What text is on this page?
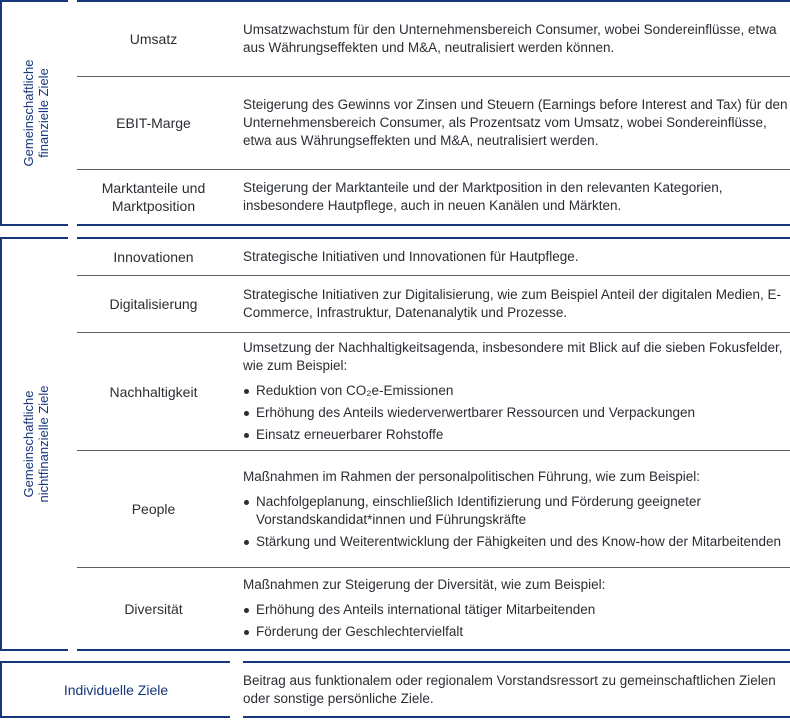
Gemeinschaftliche finanzielle Ziele
Umsatz
Umsatzwachstum für den Unternehmensbereich Consumer, wobei Sondereinflüsse, etwa aus Währungseffekten und M&A, neutralisiert werden können.
EBIT-Marge
Steigerung des Gewinns vor Zinsen und Steuern (Earnings before Interest and Tax) für den Unternehmensbereich Consumer, als Prozentsatz vom Umsatz, wobei Sondereinflüsse, etwa aus Währungseffekten und M&A, neutralisiert werden.
Marktanteile und Marktposition
Steigerung der Marktanteile und der Marktposition in den relevanten Kategorien, insbesondere Hautpflege, auch in neuen Kanälen und Märkten.
Gemeinschaftliche nichtfinanzielle Ziele
Innovationen	Strategische Initiativen und Innovationen für Hautpflege.
Digitalisierung
Strategische Initiativen zur Digitalisierung, wie zum Beispiel Anteil der digitalen Medien, E-Commerce, Infrastruktur, Datenanalytik und Prozesse.
Nachhaltigkeit
Umsetzung der Nachhaltigkeitsagenda, insbesondere mit Blick auf die sieben Fokusfelder, wie zum Beispiel:
Reduktion von CO₂e-Emissionen
Erhöhung des Anteils wiederverwertbarer Ressourcen und Verpackungen
Einsatz erneuerbarer Rohstoffe
People
Maßnahmen im Rahmen der personalpolitischen Führung, wie zum Beispiel:
Nachfolgeplanung, einschließlich Identifizierung und Förderung geeigneter Vorstandskandidat*innen und Führungskräfte
Stärkung und Weiterentwicklung der Fähigkeiten und des Know-how der Mitarbeitenden
Diversität
Maßnahmen zur Steigerung der Diversität, wie zum Beispiel:
Erhöhung des Anteils international tätiger Mitarbeitenden
Förderung der Geschlechtervielfalt
Individuelle Ziele
Beitrag aus funktionalem oder regionalem Vorstandsressort zu gemeinschaftlichen Zielen oder sonstige persönliche Ziele.
